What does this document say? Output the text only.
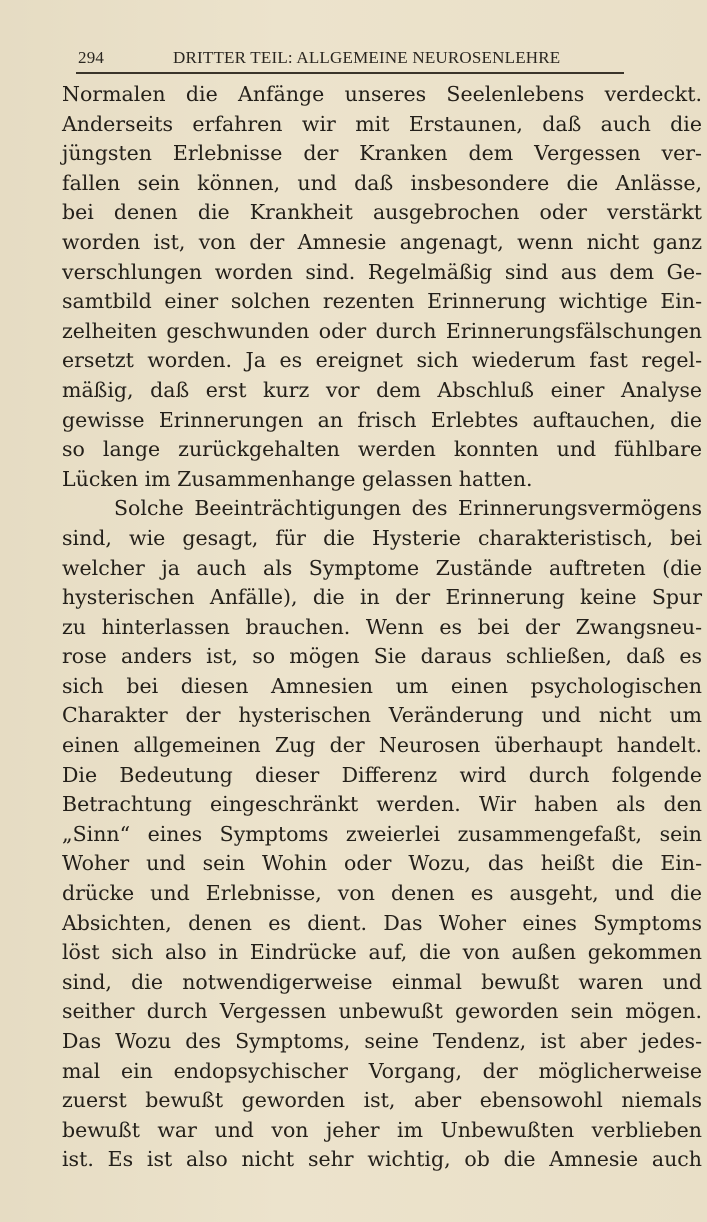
294	DRITTER TEIL: ALLGEMEINE NEUROSENLEHRE
Normalen die Anfänge unseres Seelenlebens verdeckt.
Anderseits erfahren wir mit Erstaunen, daß auch die
jüngsten Erlebnisse der Kranken dem Vergessen ver-
fallen sein können, und daß insbesondere die Anlässe,
bei denen die Krankheit ausgebrochen oder verstärkt
worden ist, von der Amnesie angenagt, wenn nicht ganz
verschlungen worden sind. Regelmäßig sind aus dem Ge-
samtbild einer solchen rezenten Erinnerung wichtige Ein-
zelheiten geschwunden oder durch Erinnerungsfälschungen
ersetzt worden. Ja es ereignet sich wiederum fast regel-
mäßig, daß erst kurz vor dem Abschluß einer Analyse
gewisse Erinnerungen an frisch Erlebtes auftauchen, die
so lange zurückgehalten werden konnten und fühlbare
Lücken im Zusammenhange gelassen hatten.
Solche Beeinträchtigungen des Erinnerungsvermögens
sind, wie gesagt, für die Hysterie charakteristisch, bei
welcher ja auch als Symptome Zustände auftreten (die
hysterischen Anfälle), die in der Erinnerung keine Spur
zu hinterlassen brauchen. Wenn es bei der Zwangsneu-
rose anders ist, so mögen Sie daraus schließen, daß es
sich bei diesen Amnesien um einen psychologischen
Charakter der hysterischen Veränderung und nicht um
einen allgemeinen Zug der Neurosen überhaupt handelt.
Die Bedeutung dieser Differenz wird durch folgende
Betrachtung eingeschränkt werden. Wir haben als den
„Sinn“ eines Symptoms zweierlei zusammengefaßt, sein
Woher und sein Wohin oder Wozu, das heißt die Ein-
drücke und Erlebnisse, von denen es ausgeht, und die
Absichten, denen es dient. Das Woher eines Symptoms
löst sich also in Eindrücke auf, die von außen gekommen
sind, die notwendigerweise einmal bewußt waren und
seither durch Vergessen unbewußt geworden sein mögen.
Das Wozu des Symptoms, seine Tendenz, ist aber jedes-
mal ein endopsychischer Vorgang, der möglicherweise
zuerst bewußt geworden ist, aber ebensowohl niemals
bewußt war und von jeher im Unbewußten verblieben
ist. Es ist also nicht sehr wichtig, ob die Amnesie auch
